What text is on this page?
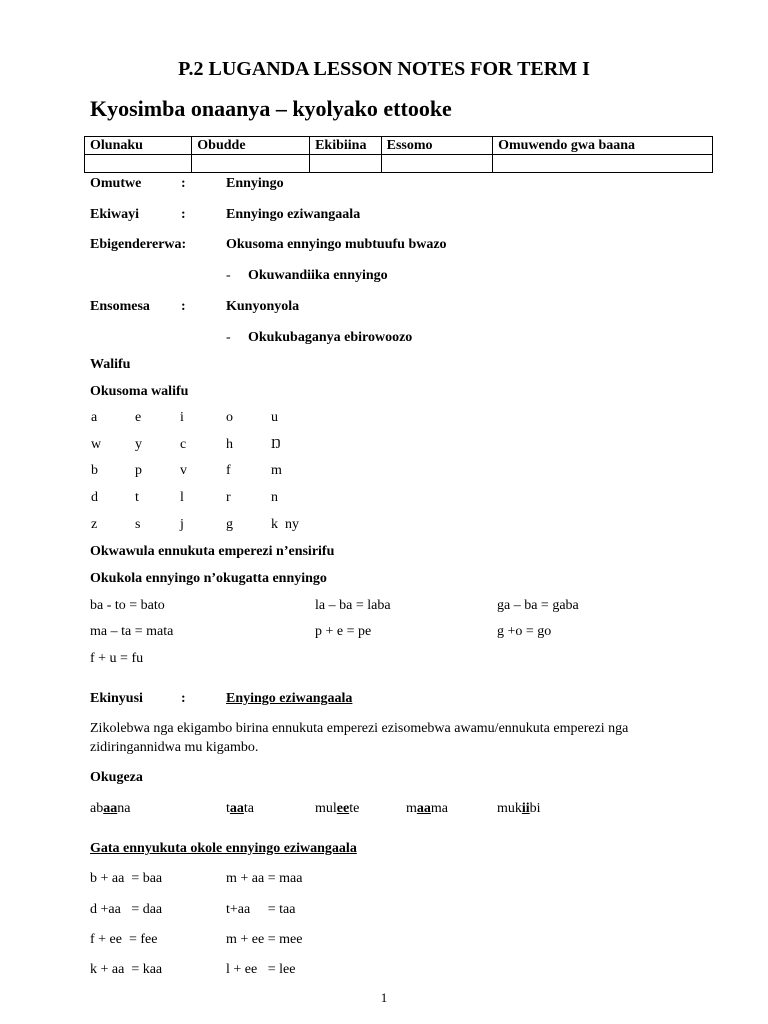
P.2 LUGANDA LESSON NOTES FOR TERM I
Kyosimba onaanya – kyolyako ettooke
Olunaku	Obudde	Ekibiina	Essomo	Omuwendo gwa baana

Omutwe	:	Ennyingo
Ekiwayi	:	Ennyingo eziwangaala
Ebigendererwa:	Okusoma ennyingo mubtuufu bwazo
- Okuwandiika ennyingo
Ensomesa :	Kunyonyola
- Okukubaganya ebirowoozo
Walifu
Okusoma walifu
a	e	i	o	u
w y	c	h	Ŋ
b	p	v	f	m
d	t	l	r	n
z	s	j	g	k ny
Okwawula ennukuta emperezi n’ensirifu
Okukola ennyingo n’okugatta ennyingo
ba - to = bato	la – ba = laba	ga – ba = gaba
ma – ta = mata	p + e = pe	g +o = go
f + u = fu
Ekinyusi	:	Enyingo eziwangaala
Zikolebwa nga ekigambo birina ennukuta emperezi ezisomebwa awamu/ennukuta emperezi nga
zidiringannidwa mu kigambo.
Okugeza
abaana	taata	muleete	maama	mukiibi
Gata ennyukuta okole ennyingo eziwangaala
b + aa  = baa	m + aa = maa
d +aa   = daa	t+aa     = taa
f + ee  = fee	m + ee = mee
k + aa  = kaa	l + ee   = lee
1
